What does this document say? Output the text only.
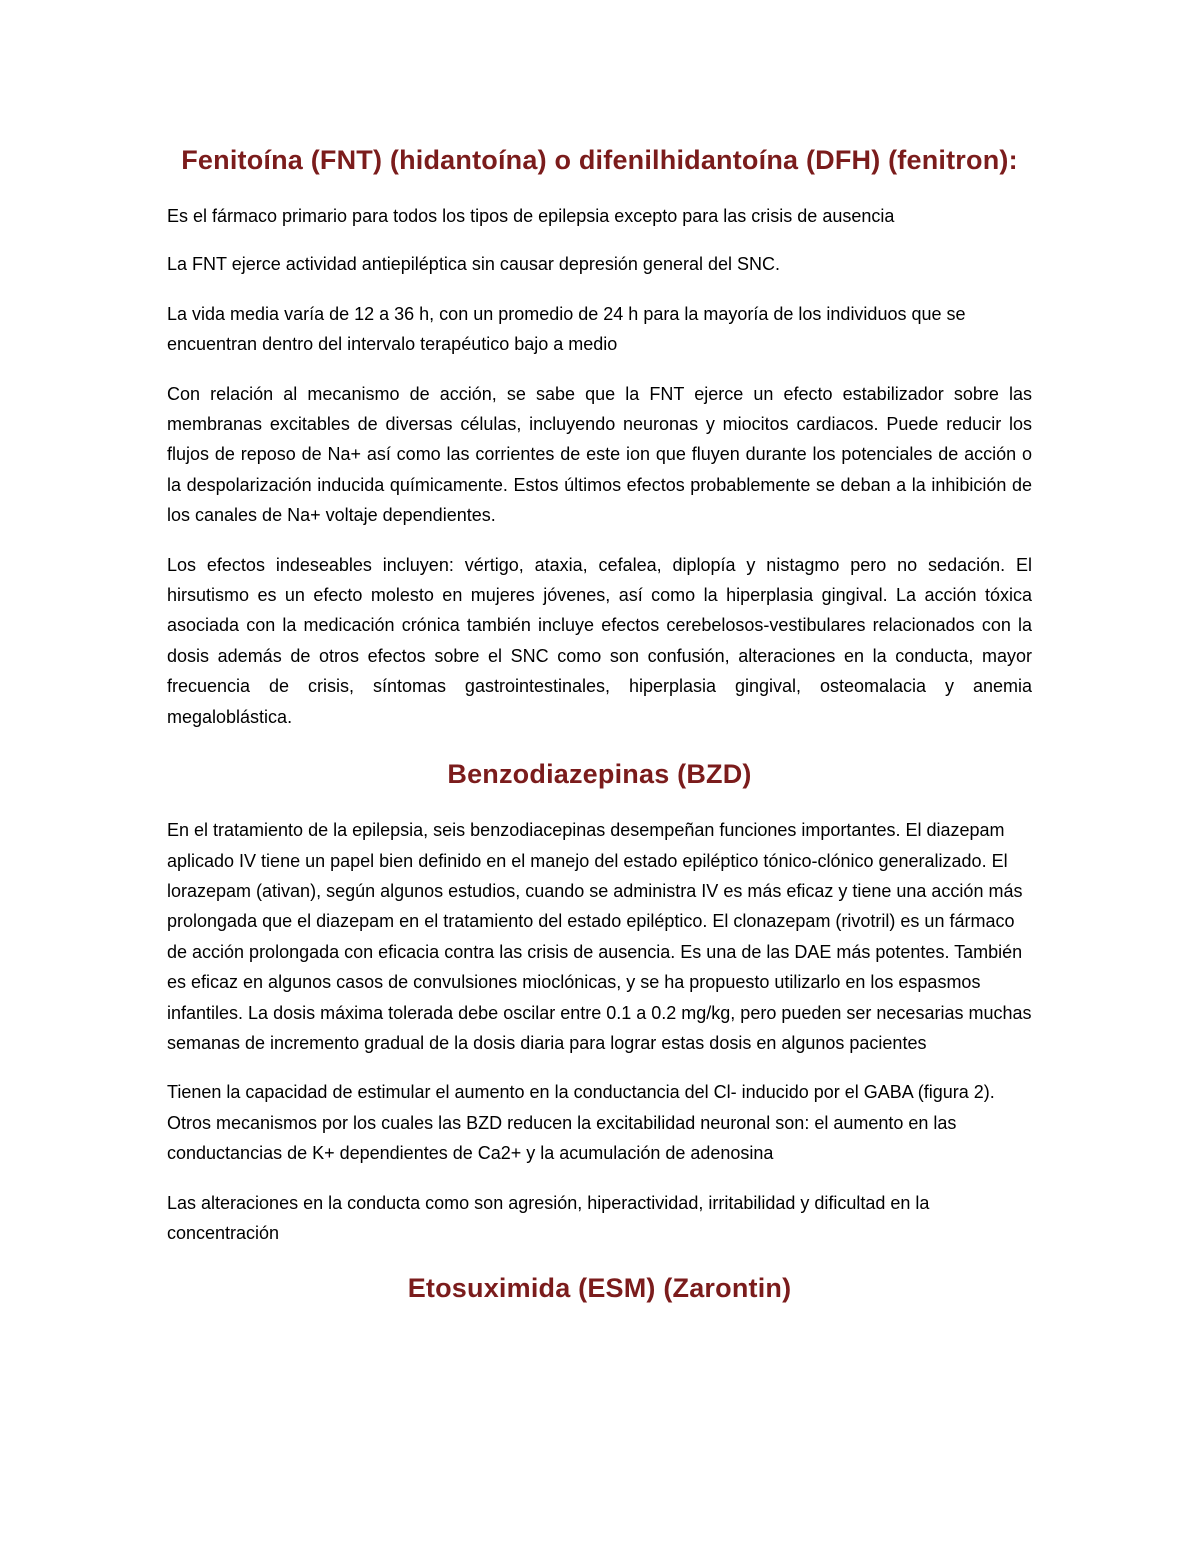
Fenitoína (FNT) (hidantoína) o difenilhidantoína (DFH) (fenitron):

Es el fármaco primario para todos los tipos de epilepsia excepto para las crisis de ausencia

La FNT ejerce actividad antiepiléptica sin causar depresión general del SNC.

La vida media varía de 12 a 36 h, con un promedio de 24 h para la mayoría de los individuos que se encuentran dentro del intervalo terapéutico bajo a medio

Con relación al mecanismo de acción, se sabe que la FNT ejerce un efecto estabilizador sobre las membranas excitables de diversas células, incluyendo neuronas y miocitos cardiacos. Puede reducir los flujos de reposo de Na+ así como las corrientes de este ion que fluyen durante los potenciales de acción o la despolarización inducida químicamente. Estos últimos efectos probablemente se deban a la inhibición de los canales de Na+ voltaje dependientes.

Los efectos indeseables incluyen: vértigo, ataxia, cefalea, diplopía y nistagmo pero no sedación. El hirsutismo es un efecto molesto en mujeres jóvenes, así como la hiperplasia gingival. La acción tóxica asociada con la medicación crónica también incluye efectos cerebelosos-vestibulares relacionados con la dosis además de otros efectos sobre el SNC como son confusión, alteraciones en la conducta, mayor frecuencia de crisis, síntomas gastrointestinales, hiperplasia gingival, osteomalacia y anemia megaloblástica.

Benzodiazepinas (BZD)

En el tratamiento de la epilepsia, seis benzodiacepinas desempeñan funciones importantes. El diazepam aplicado IV tiene un papel bien definido en el manejo del estado epiléptico tónico-clónico generalizado. El lorazepam (ativan), según algunos estudios, cuando se administra IV es más eficaz y tiene una acción más prolongada que el diazepam en el tratamiento del estado epiléptico. El clonazepam (rivotril) es un fármaco de acción prolongada con eficacia contra las crisis de ausencia. Es una de las DAE más potentes. También es eficaz en algunos casos de convulsiones mioclónicas, y se ha propuesto utilizarlo en los espasmos infantiles. La dosis máxima tolerada debe oscilar entre 0.1 a 0.2 mg/kg, pero pueden ser necesarias muchas semanas de incremento gradual de la dosis diaria para lograr estas dosis en algunos pacientes

Tienen la capacidad de estimular el aumento en la conductancia del Cl- inducido por el GABA (figura 2). Otros mecanismos por los cuales las BZD reducen la excitabilidad neuronal son: el aumento en las conductancias de K+ dependientes de Ca2+ y la acumulación de adenosina

Las alteraciones en la conducta como son agresión, hiperactividad, irritabilidad y dificultad en la concentración

Etosuximida (ESM) (Zarontin)
